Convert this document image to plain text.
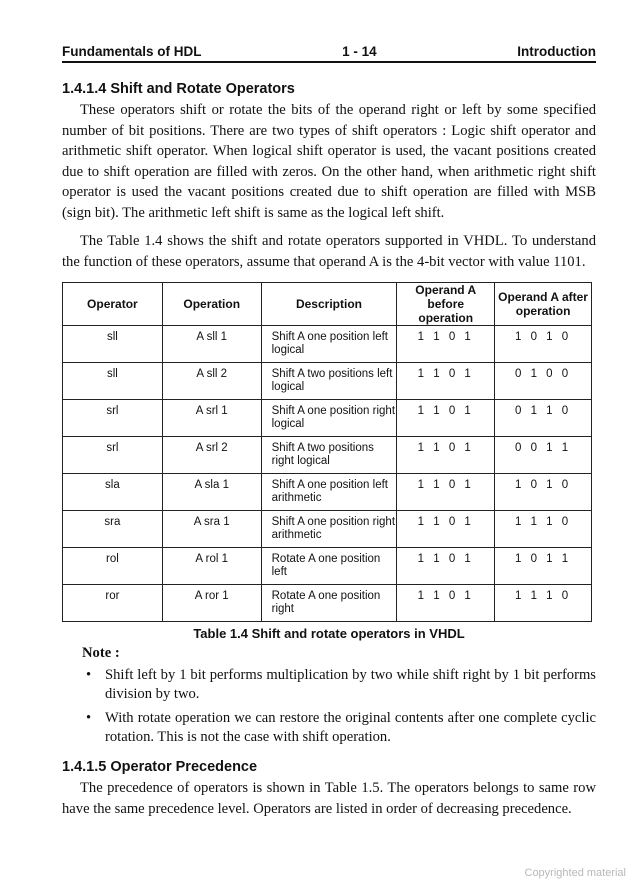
Fundamentals of HDL	1 - 14	Introduction
1.4.1.4 Shift and Rotate Operators

These operators shift or rotate the bits of the operand right or left by some specified number of bit positions. There are two types of shift operators : Logic shift operator and arithmetic shift operator. When logical shift operator is used, the vacant positions created due to shift operation are filled with zeros. On the other hand, when arithmetic right shift operator is used the vacant positions created due to shift operation are filled with MSB (sign bit). The arithmetic left shift is same as the logical left shift.

The Table 1.4 shows the shift and rotate operators supported in VHDL. To understand the function of these operators, assume that operand A is the 4-bit vector with value 1101.

Operator	Operation	Description	Operand A before operation	Operand A after operation
sll	A sll 1	Shift A one position left logical	1 1 0 1	1 0 1 0
sll	A sll 2	Shift A two positions left logical	1 1 0 1	0 1 0 0
srl	A srl 1	Shift A one position right logical	1 1 0 1	0 1 1 0
srl	A srl 2	Shift A two positions right logical	1 1 0 1	0 0 1 1
sla	A sla 1	Shift A one position left arithmetic	1 1 0 1	1 0 1 0
sra	A sra 1	Shift A one position right arithmetic	1 1 0 1	1 1 1 0
rol	A rol 1	Rotate A one position left	1 1 0 1	1 0 1 1
ror	A ror 1	Rotate A one position right	1 1 0 1	1 1 1 0
Table 1.4 Shift and rotate operators in VHDL
Note :
• Shift left by 1 bit performs multiplication by two while shift right by 1 bit performs division by two.
• With rotate operation we can restore the original contents after one complete cyclic rotation. This is not the case with shift operation.
1.4.1.5 Operator Precedence

The precedence of operators is shown in Table 1.5. The operators belongs to same row have the same precedence level. Operators are listed in order of decreasing precedence.

Copyrighted material
